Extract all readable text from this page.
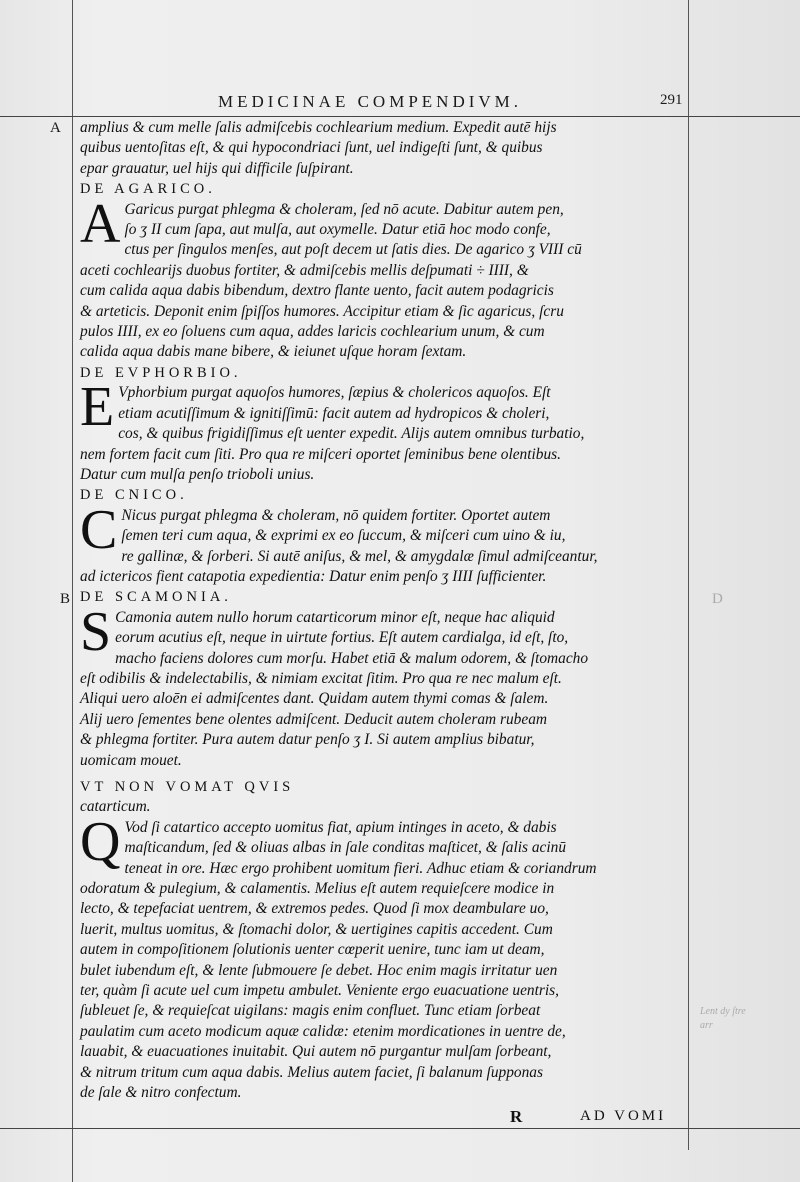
MEDICINAE COMPENDIVM.	291
A
B	D

amplius & cum melle ſalis admiſcebis cochlearium medium. Expedit autē hijs

quibus uentoſitas eſt, & qui hypocondriaci ſunt, uel indigeſti ſunt, & quibus

epar grauatur, uel hijs qui difficile ſuſpirant.

DE AGARICO.

A Garicus purgat phlegma & choleram, ſed nō acute. Dabitur autem pen,

ſo ʒ II cum ſapa, aut mulſa, aut oxymelle. Datur etiā hoc modo confe,

ctus per ſingulos menſes, aut poſt decem ut ſatis dies. De agarico ʒ VIII cū

aceti cochlearijs duobus fortiter, & admiſcebis mellis deſpumati ÷ IIII, &

cum calida aqua dabis bibendum, dextro flante uento, facit autem podagricis

& arteticis. Deponit enim ſpiſſos humores. Accipitur etiam & ſic agaricus, ſcru

pulos IIII, ex eo ſoluens cum aqua, addes laricis cochlearium unum, & cum

calida aqua dabis mane bibere, & ieiunet uſque horam ſextam.

DE EVPHORBIO.

E Vphorbium purgat aquoſos humores, ſæpius & cholericos aquoſos. Eſt

etiam acutiſſimum & ignitiſſimū: facit autem ad hydropicos & choleri,

cos, & quibus frigidiſſimus eſt uenter expedit. Alijs autem omnibus turbatio,

nem fortem facit cum ſiti. Pro qua re miſceri oportet ſeminibus bene olentibus.

Datur cum mulſa penſo trioboli unius.

DE CNICO.

C Nicus purgat phlegma & choleram, nō quidem fortiter. Oportet autem

ſemen teri cum aqua, & exprimi ex eo ſuccum, & miſceri cum uino & iu,

re gallinæ, & ſorberi. Si autē aniſus, & mel, & amygdalæ ſimul admiſceantur,

ad ictericos fient catapotia expedientia: Datur enim penſo ʒ IIII ſufficienter.

DE SCAMONIA.

S Camonia autem nullo horum catarticorum minor eſt, neque hac aliquid

eorum acutius eſt, neque in uirtute fortius. Eſt autem cardialga, id eſt, ſto,

macho faciens dolores cum morſu. Habet etiā & malum odorem, & ſtomacho

eſt odibilis & indelectabilis, & nimiam excitat ſitim. Pro qua re nec malum eſt.

Aliqui uero aloēn ei admiſcentes dant. Quidam autem thymi comas & ſalem.

Alij uero ſementes bene olentes admiſcent. Deducit autem choleram rubeam

& phlegma fortiter. Pura autem datur penſo ʒ I. Si autem amplius bibatur,

uomicam mouet.

VT NON VOMAT QVIS

catarticum.

Q Vod ſi catartico accepto uomitus fiat, apium intinges in aceto, & dabis

maſticandum, ſed & oliuas albas in ſale conditas maſticet, & ſalis acinū

teneat in ore. Hæc ergo prohibent uomitum fieri. Adhuc etiam & coriandrum

odoratum & pulegium, & calamentis. Melius eſt autem requieſcere modice in

lecto, & tepefaciat uentrem, & extremos pedes. Quod ſi mox deambulare uo,

luerit, multus uomitus, & ſtomachi dolor, & uertigines capitis accedent. Cum

autem in compoſitionem ſolutionis uenter cœperit uenire, tunc iam ut deam,

bulet iubendum eſt, & lente ſubmouere ſe debet. Hoc enim magis irritatur uen

ter, quàm ſi acute uel cum impetu ambulet. Veniente ergo euacuatione uentris,

ſubleuet ſe, & requieſcat uigilans: magis enim confluet. Tunc etiam ſorbeat

paulatim cum aceto modicum aquæ calidæ: etenim mordicationes in uentre de,

lauabit, & euacuationes inuitabit. Qui autem nō purgantur mulſam ſorbeant,

& nitrum tritum cum aqua dabis. Melius autem faciet, ſi balanum ſupponas

de ſale & nitro confectum.

Lent dy ſtre arr
R	AD VOMI
